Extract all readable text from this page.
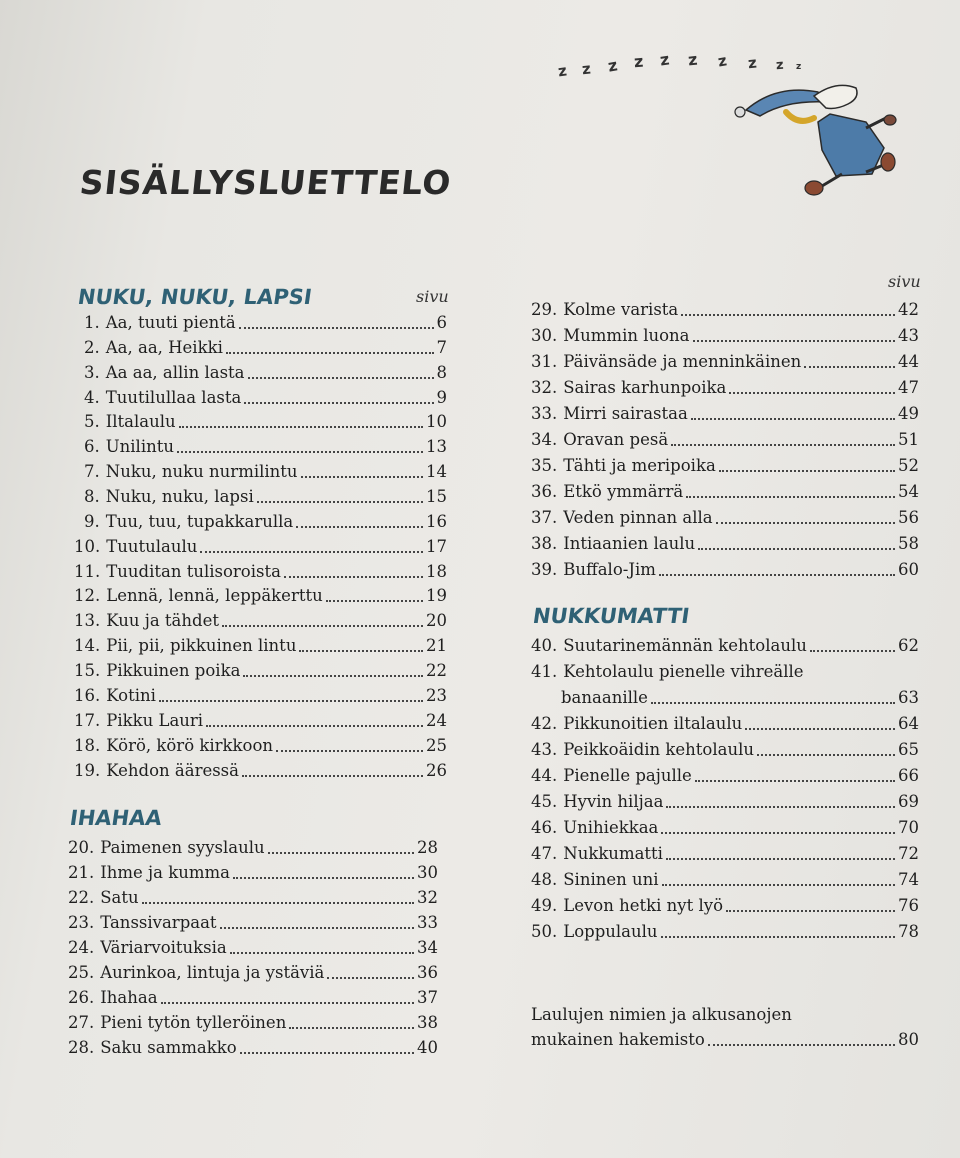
z z z z z z z z z z
SISÄLLYSLUETTELO
NUKU, NUKU, LAPSI	sivu
1. Aa, tuuti pientä	6
2. Aa, aa, Heikki	7
3. Aa aa, allin lasta	8
4. Tuutilullaa lasta	9
5. Iltalaulu	10
6. Unilintu	13
7. Nuku, nuku nurmilintu	14
8. Nuku, nuku, lapsi	15
9. Tuu, tuu, tupakkarulla	16
10. Tuutulaulu	17
11. Tuuditan tulisoroista	18
12. Lennä, lennä, leppäkerttu	19
13. Kuu ja tähdet	20
14. Pii, pii, pikkuinen lintu	21
15. Pikkuinen poika	22
16. Kotini	23
17. Pikku Lauri	24
18. Körö, körö kirkkoon	25
19. Kehdon ääressä	26
IHAHAA
20. Paimenen syyslaulu	28
21. Ihme ja kumma	30
22. Satu	32
23. Tanssivarpaat	33
24. Väriarvoituksia	34
25. Aurinkoa, lintuja ja ystäviä	36
26. Ihahaa	37
27. Pieni tytön tylleröinen	38
28. Saku sammakko	40
sivu
29. Kolme varista	42
30. Mummin luona	43
31. Päivänsäde ja menninkäinen	44
32. Sairas karhunpoika	47
33. Mirri sairastaa	49
34. Oravan pesä	51
35. Tähti ja meripoika	52
36. Etkö ymmärrä	54
37. Veden pinnan alla	56
38. Intiaanien laulu	58
39. Buffalo-Jim	60
NUKKUMATTI
40. Suutarinemännän kehtolaulu	62
41. Kehtolaulu pienelle vihreälle
banaanille	63
42. Pikkunoitien iltalaulu	64
43. Peikkoäidin kehtolaulu	65
44. Pienelle pajulle	66
45. Hyvin hiljaa	69
46. Unihiekkaa	70
47. Nukkumatti	72
48. Sininen uni	74
49. Levon hetki nyt lyö	76
50. Loppulaulu	78
Laulujen nimien ja alkusanojen
mukainen hakemisto	80
